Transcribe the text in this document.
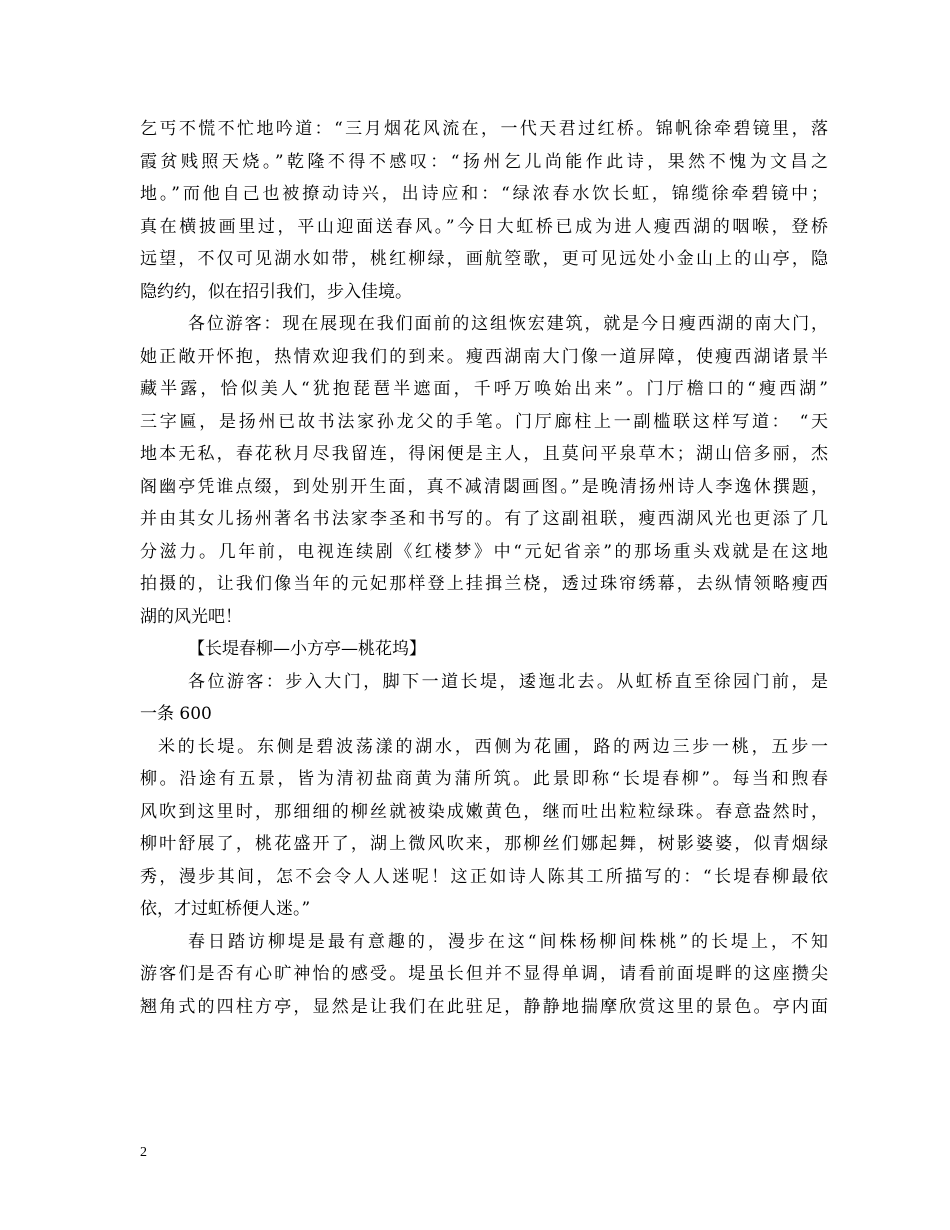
乞丐不慌不忙地吟道：“三月烟花风流在，一代天君过红桥。锦帆徐牵碧镜里，落
霞贫贱照天烧。”乾隆不得不感叹：“扬州乞儿尚能作此诗，果然不愧为文昌之
地。”而他自己也被撩动诗兴，出诗应和：“绿浓春水饮长虹，锦缆徐牵碧镜中；
真在横披画里过，平山迎面送春风。”今日大虹桥已成为进人瘦西湖的咽喉，登桥
远望，不仅可见湖水如带，桃红柳绿，画航箜歌，更可见远处小金山上的山亭，隐
隐约约，似在招引我们，步入佳境。
各位游客：现在展现在我们面前的这组恢宏建筑，就是今日瘦西湖的南大门，
她正敞开怀抱，热情欢迎我们的到来。瘦西湖南大门像一道屏障，使瘦西湖诸景半
藏半露，恰似美人“犹抱琵琶半遮面，千呼万唤始出来”。门厅檐口的“瘦西湖”
三字匾，是扬州已故书法家孙龙父的手笔。门厅廊柱上一副槛联这样写道： “天
地本无私，春花秋月尽我留连，得闲便是主人，且莫问平泉草木；湖山倍多丽，杰
阁幽亭凭谁点缀，到处别开生面，真不减清閟画图。”是晚清扬州诗人李逸休撰题，
并由其女儿扬州著名书法家李圣和书写的。有了这副祖联，瘦西湖风光也更添了几
分滋力。几年前，电视连续剧《红楼梦》中“元妃省亲”的那场重头戏就是在这地
拍摄的，让我们像当年的元妃那样登上挂揖兰桡，透过珠帘绣幕，去纵情领略瘦西
湖的风光吧！
【长堤春柳—小方亭—桃花坞】
各位游客：步入大门，脚下一道长堤，逶迤北去。从虹桥直至徐园门前，是
一条 600
米的长堤。东侧是碧波荡漾的湖水，西侧为花圃，路的两边三步一桃，五步一
柳。沿途有五景，皆为清初盐商黄为蒲所筑。此景即称“长堤春柳”。每当和煦春
风吹到这里时，那细细的柳丝就被染成嫩黄色，继而吐出粒粒绿珠。春意盎然时，
柳叶舒展了，桃花盛开了，湖上微风吹来，那柳丝们娜起舞，树影婆婆，似青烟绿
秀，漫步其间，怎不会令人人迷呢！这正如诗人陈其工所描写的：“长堤春柳最依
依，才过虹桥便人迷。”
春日踏访柳堤是最有意趣的，漫步在这“间株杨柳间株桃”的长堤上，不知
游客们是否有心旷神怡的感受。堤虽长但并不显得单调，请看前面堤畔的这座攒尖
翘角式的四柱方亭，显然是让我们在此驻足，静静地揣摩欣赏这里的景色。亭内面
2
